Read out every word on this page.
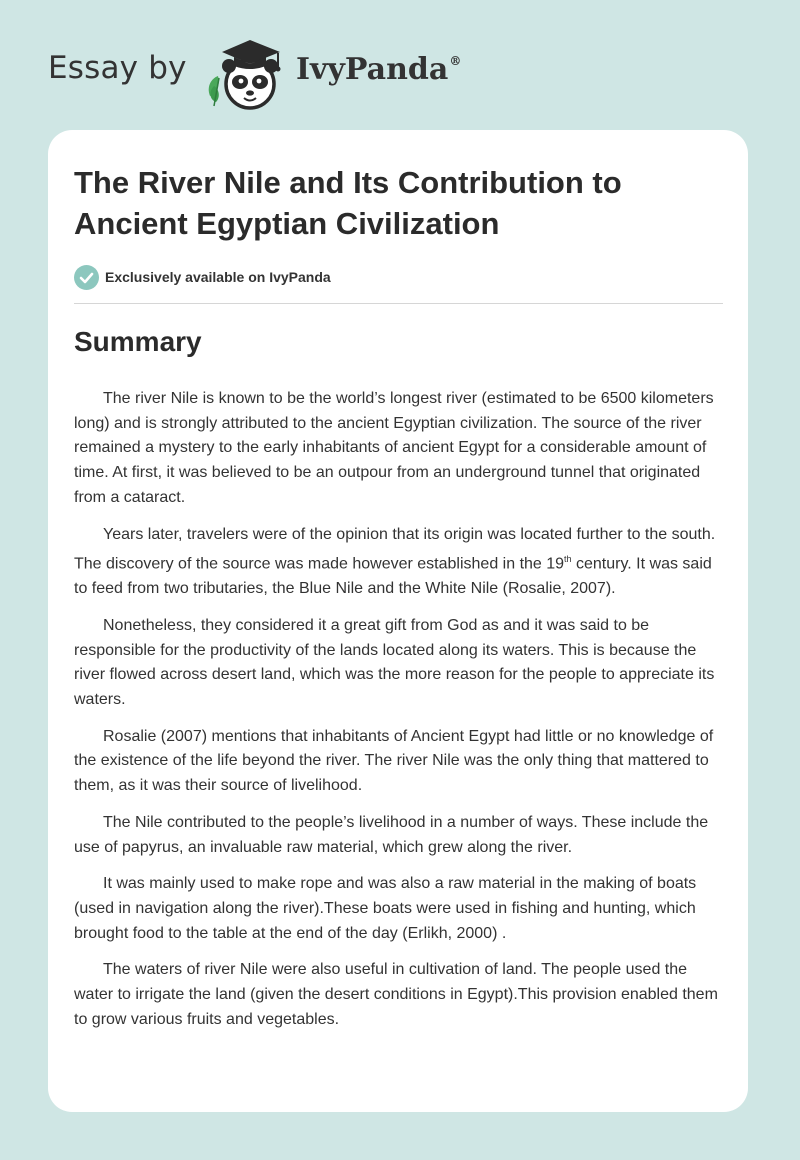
Essay by	IvyPanda®
The River Nile and Its Contribution to Ancient Egyptian Civilization
Exclusively available on IvyPanda
Summary

The river Nile is known to be the world’s longest river (estimated to be 6500 kilometers long) and is strongly attributed to the ancient Egyptian civilization. The source of the river remained a mystery to the early inhabitants of ancient Egypt for a considerable amount of time. At first, it was believed to be an outpour from an underground tunnel that originated from a cataract.

Years later, travelers were of the opinion that its origin was located further to the south. The discovery of the source was made however established in the 19th century. It was said to feed from two tributaries, the Blue Nile and the White Nile (Rosalie, 2007).

Nonetheless, they considered it a great gift from God as and it was said to be responsible for the productivity of the lands located along its waters. This is because the river flowed across desert land, which was the more reason for the people to appreciate its waters.

Rosalie (2007) mentions that inhabitants of Ancient Egypt had little or no knowledge of the existence of the life beyond the river. The river Nile was the only thing that mattered to them, as it was their source of livelihood.

The Nile contributed to the people’s livelihood in a number of ways. These include the use of papyrus, an invaluable raw material, which grew along the river.

It was mainly used to make rope and was also a raw material in the making of boats (used in navigation along the river).These boats were used in fishing and hunting, which brought food to the table at the end of the day (Erlikh, 2000) .

The waters of river Nile were also useful in cultivation of land. The people used the water to irrigate the land (given the desert conditions in Egypt).This provision enabled them to grow various fruits and vegetables.
